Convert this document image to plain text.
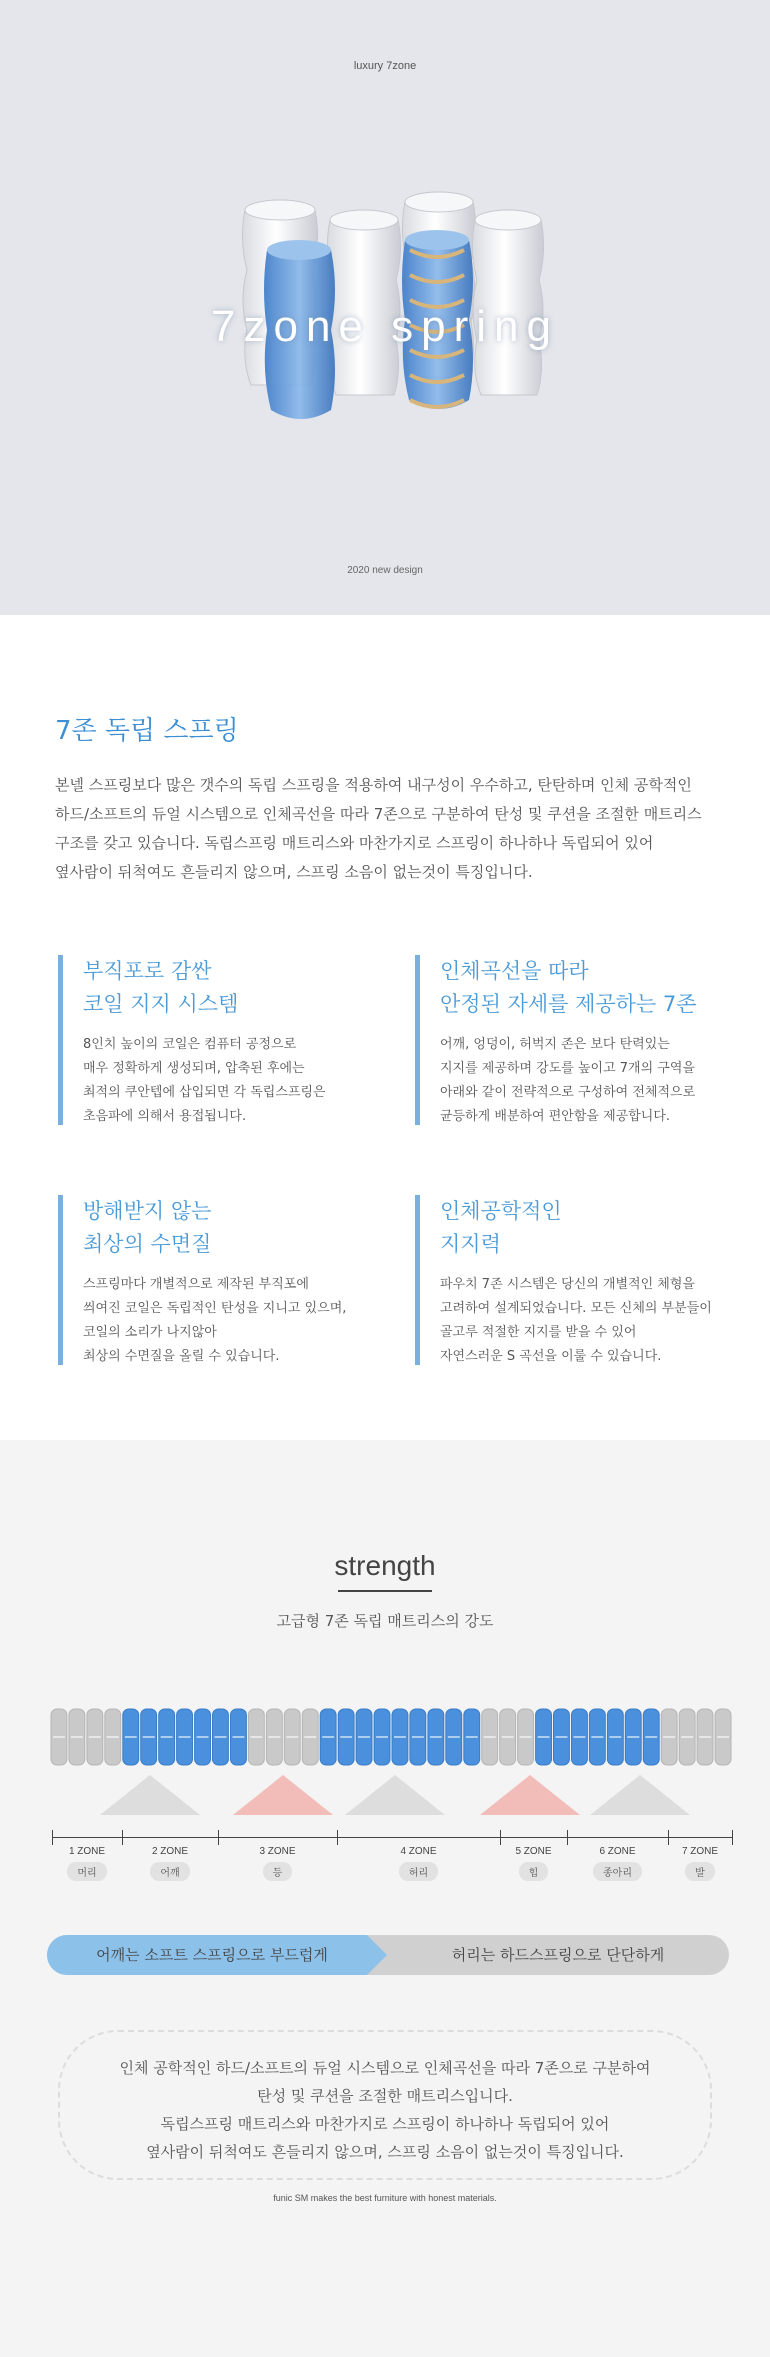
luxury 7zone
7zone spring
2020 new design
7존 독립 스프링

본넬 스프링보다 많은 갯수의 독립 스프링을 적용하여 내구성이 우수하고, 탄탄하며 인체 공학적인
하드/소프트의 듀얼 시스템으로 인체곡선을 따라 7존으로 구분하여 탄성 및 쿠션을 조절한 매트리스
구조를 갖고 있습니다. 독립스프링 매트리스와 마찬가지로 스프링이 하나하나 독립되어 있어
옆사람이 뒤척여도 흔들리지 않으며, 스프링 소음이 없는것이 특징입니다.

부직포로 감싼
코일 지지 시스템

8인치 높이의 코일은 컴퓨터 공정으로
매우 정확하게 생성되며, 압축된 후에는
최적의 쿠안텝에 삽입되면 각 독립스프링은
초음파에 의해서 용접됩니다.

인체곡선을 따라
안정된 자세를 제공하는 7존

어깨, 엉덩이, 허벅지 존은 보다 탄력있는
지지를 제공하며 강도를 높이고 7개의 구역을
아래와 같이 전략적으로 구성하여 전체적으로
균등하게 배분하여 편안함을 제공합니다.

방해받지 않는
최상의 수면질

스프링마다 개별적으로 제작된 부직포에
씌여진 코일은 독립적인 탄성을 지니고 있으며,
코일의 소리가 나지않아
최상의 수면질을 올릴 수 있습니다.

인체공학적인
지지력

파우치 7존 시스템은 당신의 개별적인 체형을
고려하여 설계되었습니다. 모든 신체의 부분들이
골고루 적절한 지지를 받을 수 있어
자연스러운 S 곡선을 이룰 수 있습니다.

strength
고급형 7존 독립 매트리스의 강도
1 ZONE
머리
2 ZONE
어깨
3 ZONE
등
4 ZONE
허리
5 ZONE
힙
6 ZONE
종아리
7 ZONE
발
어깨는 소프트 스프링으로 부드럽게	허리는 하드스프링으로 단단하게

인체 공학적인 하드/소프트의 듀얼 시스템으로 인체곡선을 따라 7존으로 구분하여
탄성 및 쿠션을 조절한 매트리스입니다.
독립스프링 매트리스와 마찬가지로 스프링이 하나하나 독립되어 있어
옆사람이 뒤척여도 흔들리지 않으며, 스프링 소음이 없는것이 특징입니다.

funic SM makes the best furniture with honest materials.
